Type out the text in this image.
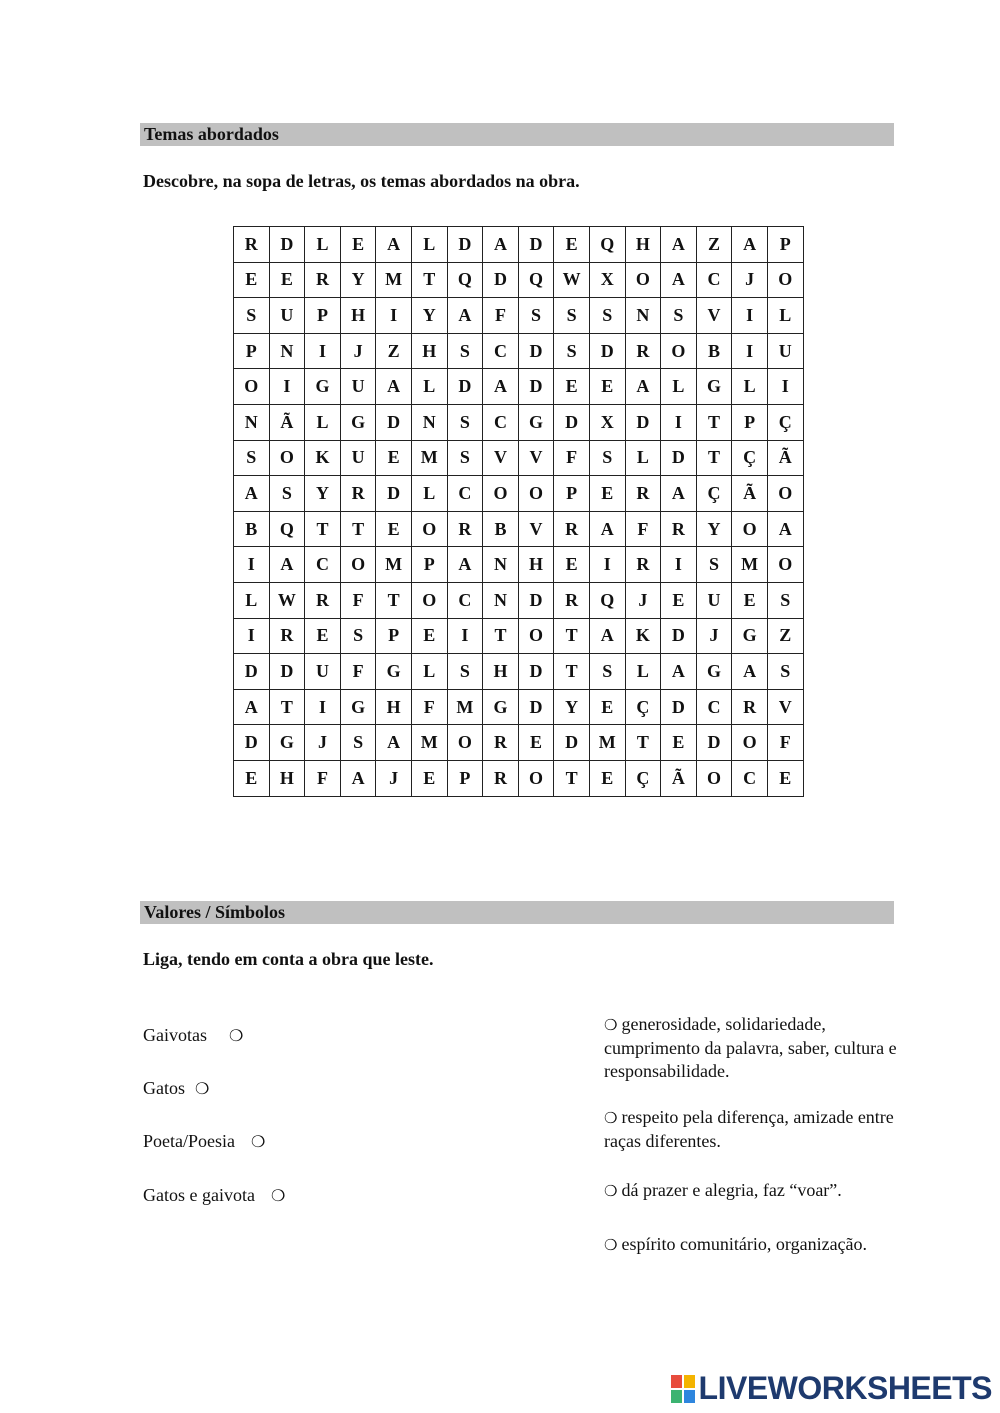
Temas abordados
Descobre, na sopa de letras, os temas abordados na obra.
R	D	L	E	A	L	D	A	D	E	Q	H	A	Z	A	P
E	E	R	Y	M	T	Q	D	Q	W	X	O	A	C	J	O
S	U	P	H	I	Y	A	F	S	S	S	N	S	V	I	L
P	N	I	J	Z	H	S	C	D	S	D	R	O	B	I	U
O	I	G	U	A	L	D	A	D	E	E	A	L	G	L	I
N	Ã	L	G	D	N	S	C	G	D	X	D	I	T	P	Ç
S	O	K	U	E	M	S	V	V	F	S	L	D	T	Ç	Ã
A	S	Y	R	D	L	C	O	O	P	E	R	A	Ç	Ã	O
B	Q	T	T	E	O	R	B	V	R	A	F	R	Y	O	A
I	A	C	O	M	P	A	N	H	E	I	R	I	S	M	O
L	W	R	F	T	O	C	N	D	R	Q	J	E	U	E	S
I	R	E	S	P	E	I	T	O	T	A	K	D	J	G	Z
D	D	U	F	G	L	S	H	D	T	S	L	A	G	A	S
A	T	I	G	H	F	M	G	D	Y	E	Ç	D	C	R	V
D	G	J	S	A	M	O	R	E	D	M	T	E	D	O	F
E	H	F	A	J	E	P	R	O	T	E	Ç	Ã	O	C	E
Valores / Símbolos
Liga, tendo em conta a obra que leste.
Gaivotas ❍
Gatos ❍
Poeta/Poesia ❍
Gatos e gaivota ❍
❍ generosidade, solidariedade, cumprimento da palavra, saber, cultura e responsabilidade.
❍ respeito pela diferença, amizade entre raças diferentes.
❍ dá prazer e alegria, faz “voar”.
❍ espírito comunitário, organização.
LIVEWORKSHEETS
